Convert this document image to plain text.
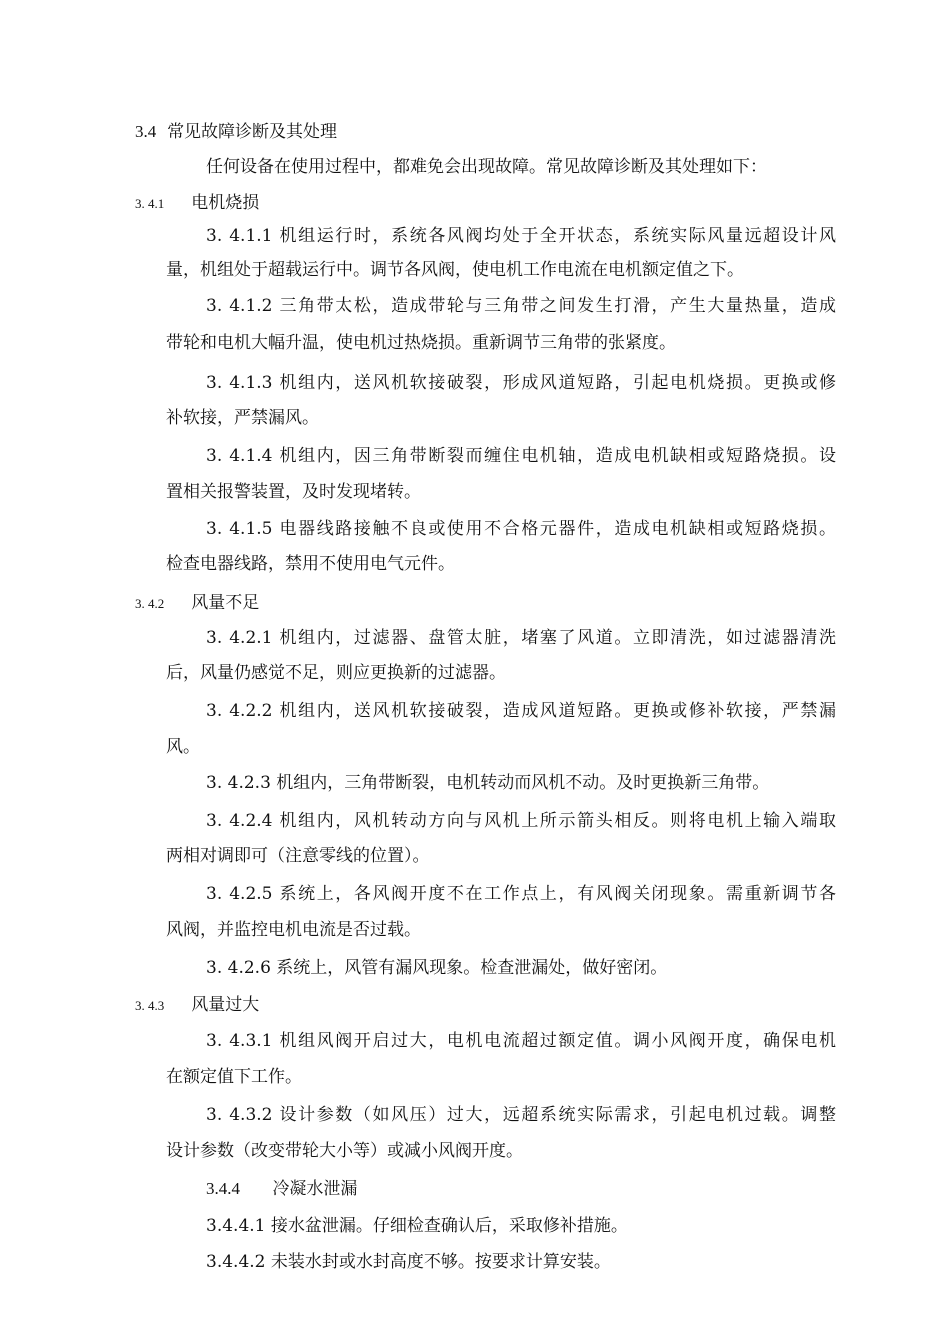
3.4 常见故障诊断及其处理

任何设备在使用过程中，都难免会出现故障。常见故障诊断及其处理如下：

3. 4.1 电机烧损

3. 4.1.1 机组运行时，系统各风阀均处于全开状态，系统实际风量远超设计风

量，机组处于超载运行中。调节各风阀，使电机工作电流在电机额定值之下。

3. 4.1.2 三角带太松，造成带轮与三角带之间发生打滑，产生大量热量，造成

带轮和电机大幅升温，使电机过热烧损。重新调节三角带的张紧度。

3. 4.1.3 机组内，送风机软接破裂，形成风道短路，引起电机烧损。更换或修

补软接，严禁漏风。

3. 4.1.4 机组内，因三角带断裂而缠住电机轴，造成电机缺相或短路烧损。设

置相关报警装置，及时发现堵转。

3. 4.1.5 电器线路接触不良或使用不合格元器件，造成电机缺相或短路烧损。

检查电器线路，禁用不使用电气元件。

3. 4.2 风量不足

3. 4.2.1 机组内，过滤器、盘管太脏，堵塞了风道。立即清洗，如过滤器清洗

后，风量仍感觉不足，则应更换新的过滤器。

3. 4.2.2 机组内，送风机软接破裂，造成风道短路。更换或修补软接，严禁漏

风。

3. 4.2.3 机组内，三角带断裂，电机转动而风机不动。及时更换新三角带。

3. 4.2.4 机组内，风机转动方向与风机上所示箭头相反。则将电机上输入端取

两相对调即可（注意零线的位置）。

3. 4.2.5 系统上，各风阀开度不在工作点上，有风阀关闭现象。需重新调节各

风阀，并监控电机电流是否过载。

3. 4.2.6 系统上，风管有漏风现象。检查泄漏处，做好密闭。

3. 4.3 风量过大

3. 4.3.1 机组风阀开启过大，电机电流超过额定值。调小风阀开度，确保电机

在额定值下工作。

3. 4.3.2 设计参数（如风压）过大，远超系统实际需求，引起电机过载。调整

设计参数（改变带轮大小等）或减小风阀开度。

3.4.4 冷凝水泄漏

3.4.4.1 接水盆泄漏。仔细检查确认后，采取修补措施。

3.4.4.2 未装水封或水封高度不够。按要求计算安装。
